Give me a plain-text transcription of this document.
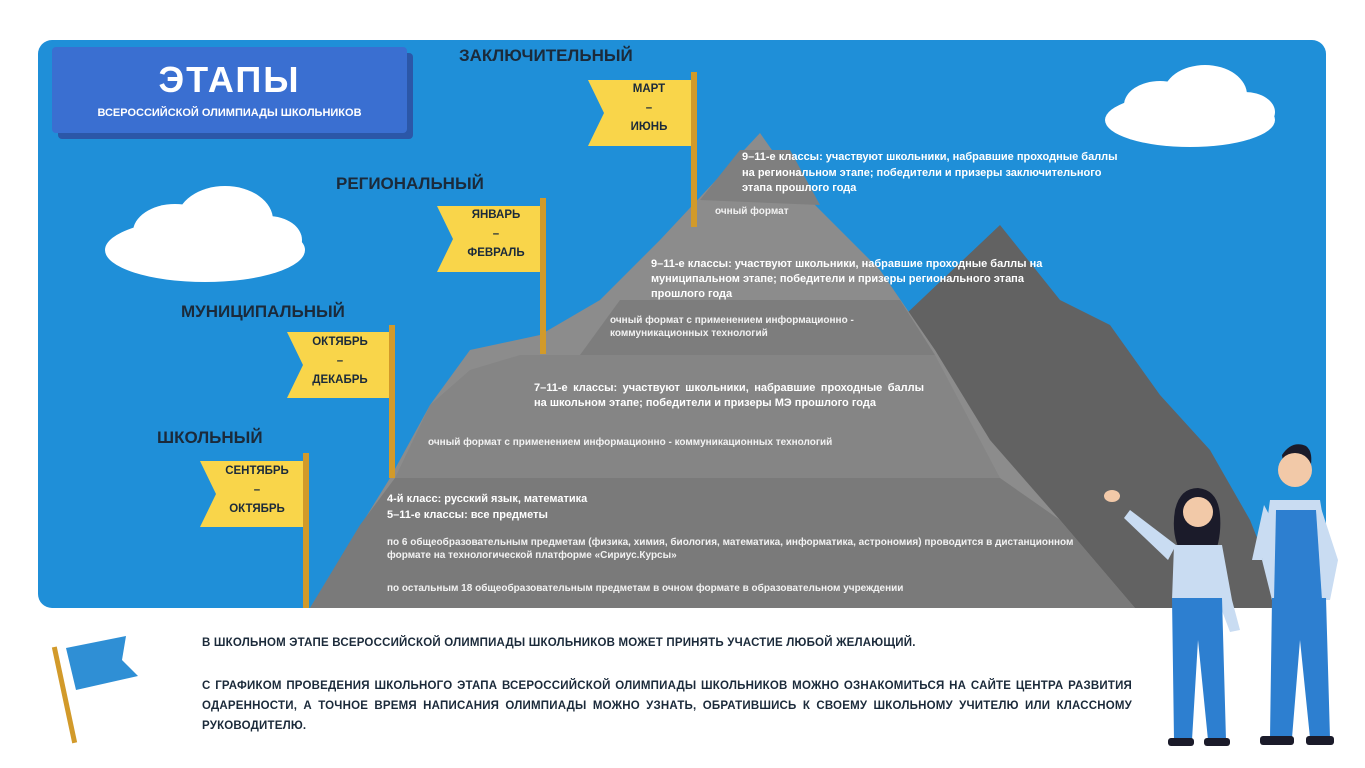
ЭТАПЫ
ВСЕРОССИЙСКОЙ ОЛИМПИАДЫ ШКОЛЬНИКОВ
ЗАКЛЮЧИТЕЛЬНЫЙ
РЕГИОНАЛЬНЫЙ
МУНИЦИПАЛЬНЫЙ
ШКОЛЬНЫЙ
МАРТ
–
ИЮНЬ
ЯНВАРЬ
–
ФЕВРАЛЬ
ОКТЯБРЬ
–
ДЕКАБРЬ
СЕНТЯБРЬ
–
ОКТЯБРЬ
9–11-е классы: участвуют школьники, набравшие проходные баллы на региональном этапе; победители и призеры заключительного этапа прошлого года
очный формат
9–11-е классы: участвуют школьники, набравшие проходные баллы на муниципальном этапе; победители и призеры регионального этапа прошлого года
очный формат с применением информационно - коммуникационных технологий
7–11-е классы: участвуют школьники, набравшие проходные баллы на школьном этапе; победители и призеры МЭ прошлого года
очный формат с применением информационно - коммуникационных технологий
4-й класс: русский язык, математика
5–11-е классы: все предметы
по 6 общеобразовательным предметам (физика, химия, биология, математика, информатика, астрономия) проводится в дистанционном формате на технологической платформе «Сириус.Курсы»
по остальным 18 общеобразовательным предметам в очном формате в образовательном учреждении
В ШКОЛЬНОМ ЭТАПЕ ВСЕРОССИЙСКОЙ ОЛИМПИАДЫ ШКОЛЬНИКОВ МОЖЕТ ПРИНЯТЬ УЧАСТИЕ ЛЮБОЙ ЖЕЛАЮЩИЙ.
С ГРАФИКОМ ПРОВЕДЕНИЯ ШКОЛЬНОГО ЭТАПА ВСЕРОССИЙСКОЙ ОЛИМПИАДЫ ШКОЛЬНИКОВ МОЖНО ОЗНАКОМИТЬСЯ НА САЙТЕ ЦЕНТРА РАЗВИТИЯ ОДАРЕННОСТИ, А ТОЧНОЕ ВРЕМЯ НАПИСАНИЯ ОЛИМПИАДЫ МОЖНО УЗНАТЬ, ОБРАТИВШИСЬ К СВОЕМУ ШКОЛЬНОМУ УЧИТЕЛЮ ИЛИ КЛАССНОМУ РУКОВОДИТЕЛЮ.
